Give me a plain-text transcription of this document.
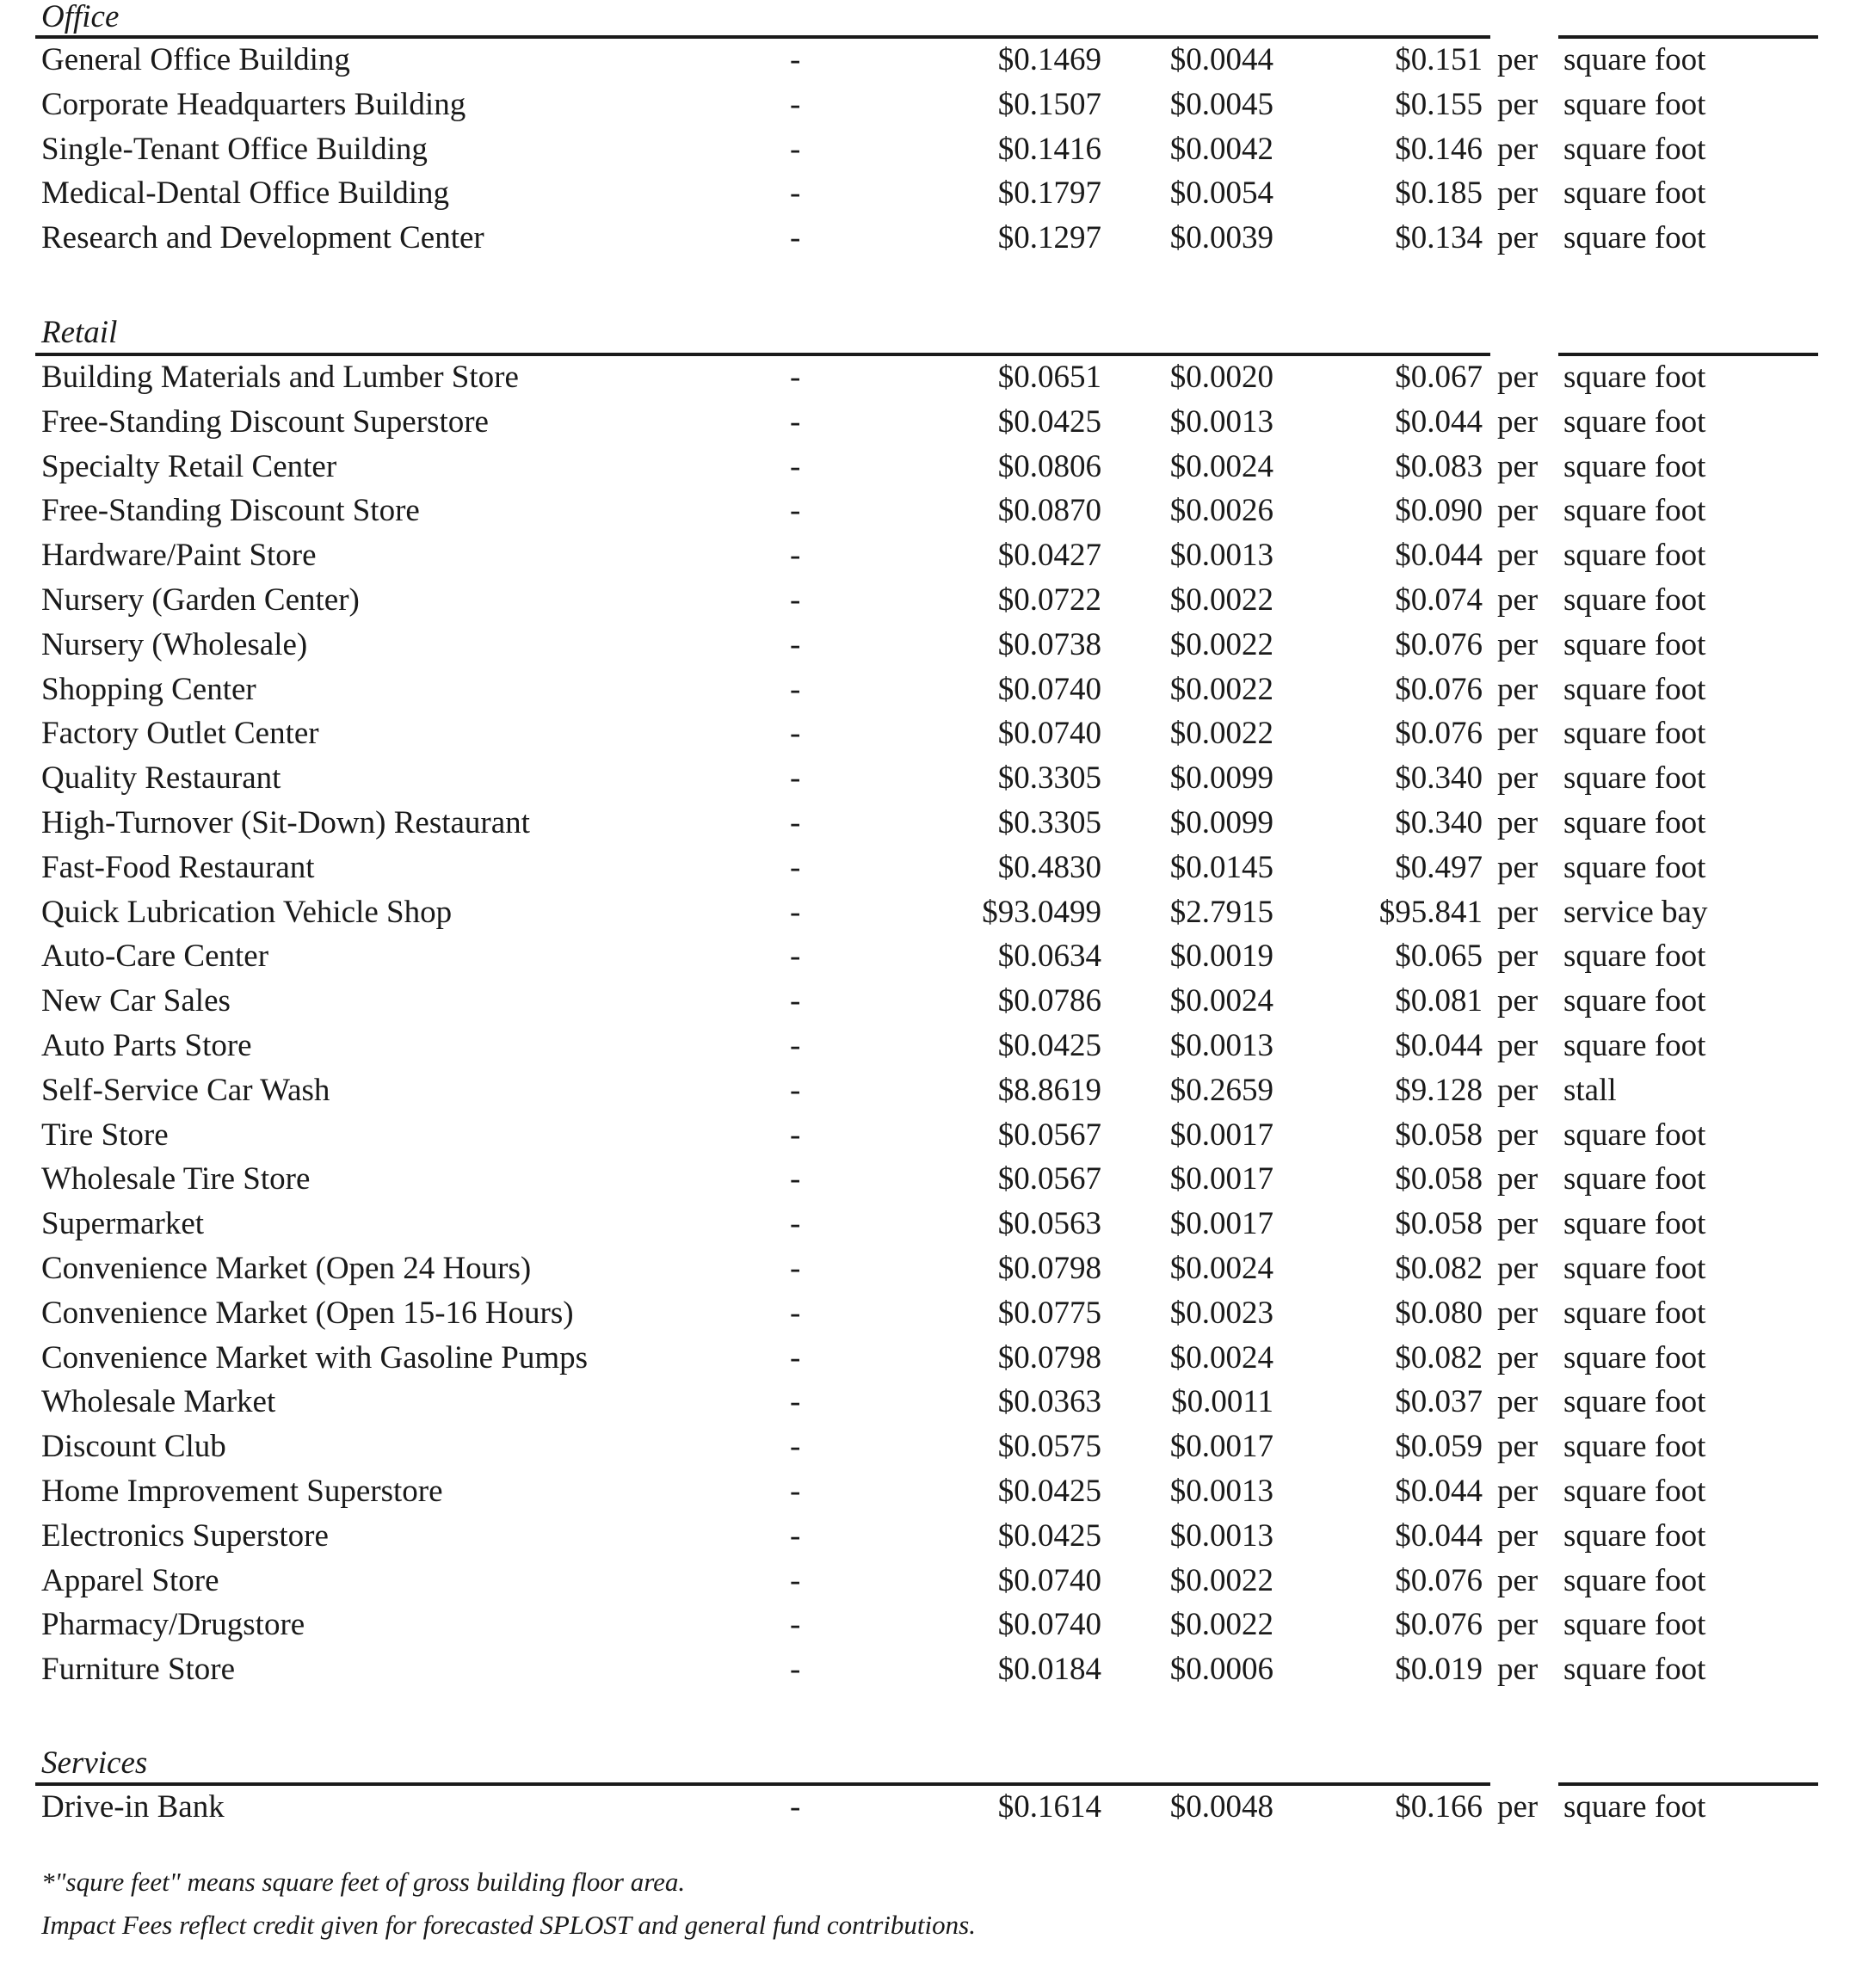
Office
General Office Building	-	$0.1469 $0.0044	$0.151 per square foot
Corporate Headquarters Building	-	$0.1507 $0.0045	$0.155 per square foot
Single-Tenant Office Building	-	$0.1416 $0.0042	$0.146 per square foot
Medical-Dental Office Building	-	$0.1797 $0.0054	$0.185 per square foot
Research and Development Center	-	$0.1297 $0.0039	$0.134 per square foot
Retail
Building Materials and Lumber Store	-	$0.0651 $0.0020	$0.067 per square foot
Free-Standing Discount Superstore	-	$0.0425 $0.0013	$0.044 per square foot
Specialty Retail Center	-	$0.0806 $0.0024	$0.083 per square foot
Free-Standing Discount Store	-	$0.0870 $0.0026	$0.090 per square foot
Hardware/Paint Store	-	$0.0427 $0.0013	$0.044 per square foot
Nursery (Garden Center)	-	$0.0722 $0.0022	$0.074 per square foot
Nursery (Wholesale)	-	$0.0738 $0.0022	$0.076 per square foot
Shopping Center	-	$0.0740 $0.0022	$0.076 per square foot
Factory Outlet Center	-	$0.0740 $0.0022	$0.076 per square foot
Quality Restaurant	-	$0.3305 $0.0099	$0.340 per square foot
High-Turnover (Sit-Down) Restaurant	-	$0.3305 $0.0099	$0.340 per square foot
Fast-Food Restaurant	-	$0.4830 $0.0145	$0.497 per square foot
Quick Lubrication Vehicle Shop	-	$93.0499 $2.7915	$95.841 per service bay
Auto-Care Center	-	$0.0634 $0.0019	$0.065 per square foot
New Car Sales	-	$0.0786 $0.0024	$0.081 per square foot
Auto Parts Store	-	$0.0425 $0.0013	$0.044 per square foot
Self-Service Car Wash	-	$8.8619 $0.2659	$9.128 per stall
Tire Store	-	$0.0567 $0.0017	$0.058 per square foot
Wholesale Tire Store	-	$0.0567 $0.0017	$0.058 per square foot
Supermarket	-	$0.0563 $0.0017	$0.058 per square foot
Convenience Market (Open 24 Hours)	-	$0.0798 $0.0024	$0.082 per square foot
Convenience Market (Open 15-16 Hours)	-	$0.0775 $0.0023	$0.080 per square foot
Convenience Market with Gasoline Pumps	-	$0.0798 $0.0024	$0.082 per square foot
Wholesale Market	-	$0.0363 $0.0011	$0.037 per square foot
Discount Club	-	$0.0575 $0.0017	$0.059 per square foot
Home Improvement Superstore	-	$0.0425 $0.0013	$0.044 per square foot
Electronics Superstore	-	$0.0425 $0.0013	$0.044 per square foot
Apparel Store	-	$0.0740 $0.0022	$0.076 per square foot
Pharmacy/Drugstore	-	$0.0740 $0.0022	$0.076 per square foot
Furniture Store	-	$0.0184 $0.0006	$0.019 per square foot
Services
Drive-in Bank	-	$0.1614 $0.0048	$0.166 per square foot
*"squre feet" means square feet of gross building floor area.
Impact Fees reflect credit given for forecasted SPLOST and general fund contributions.
